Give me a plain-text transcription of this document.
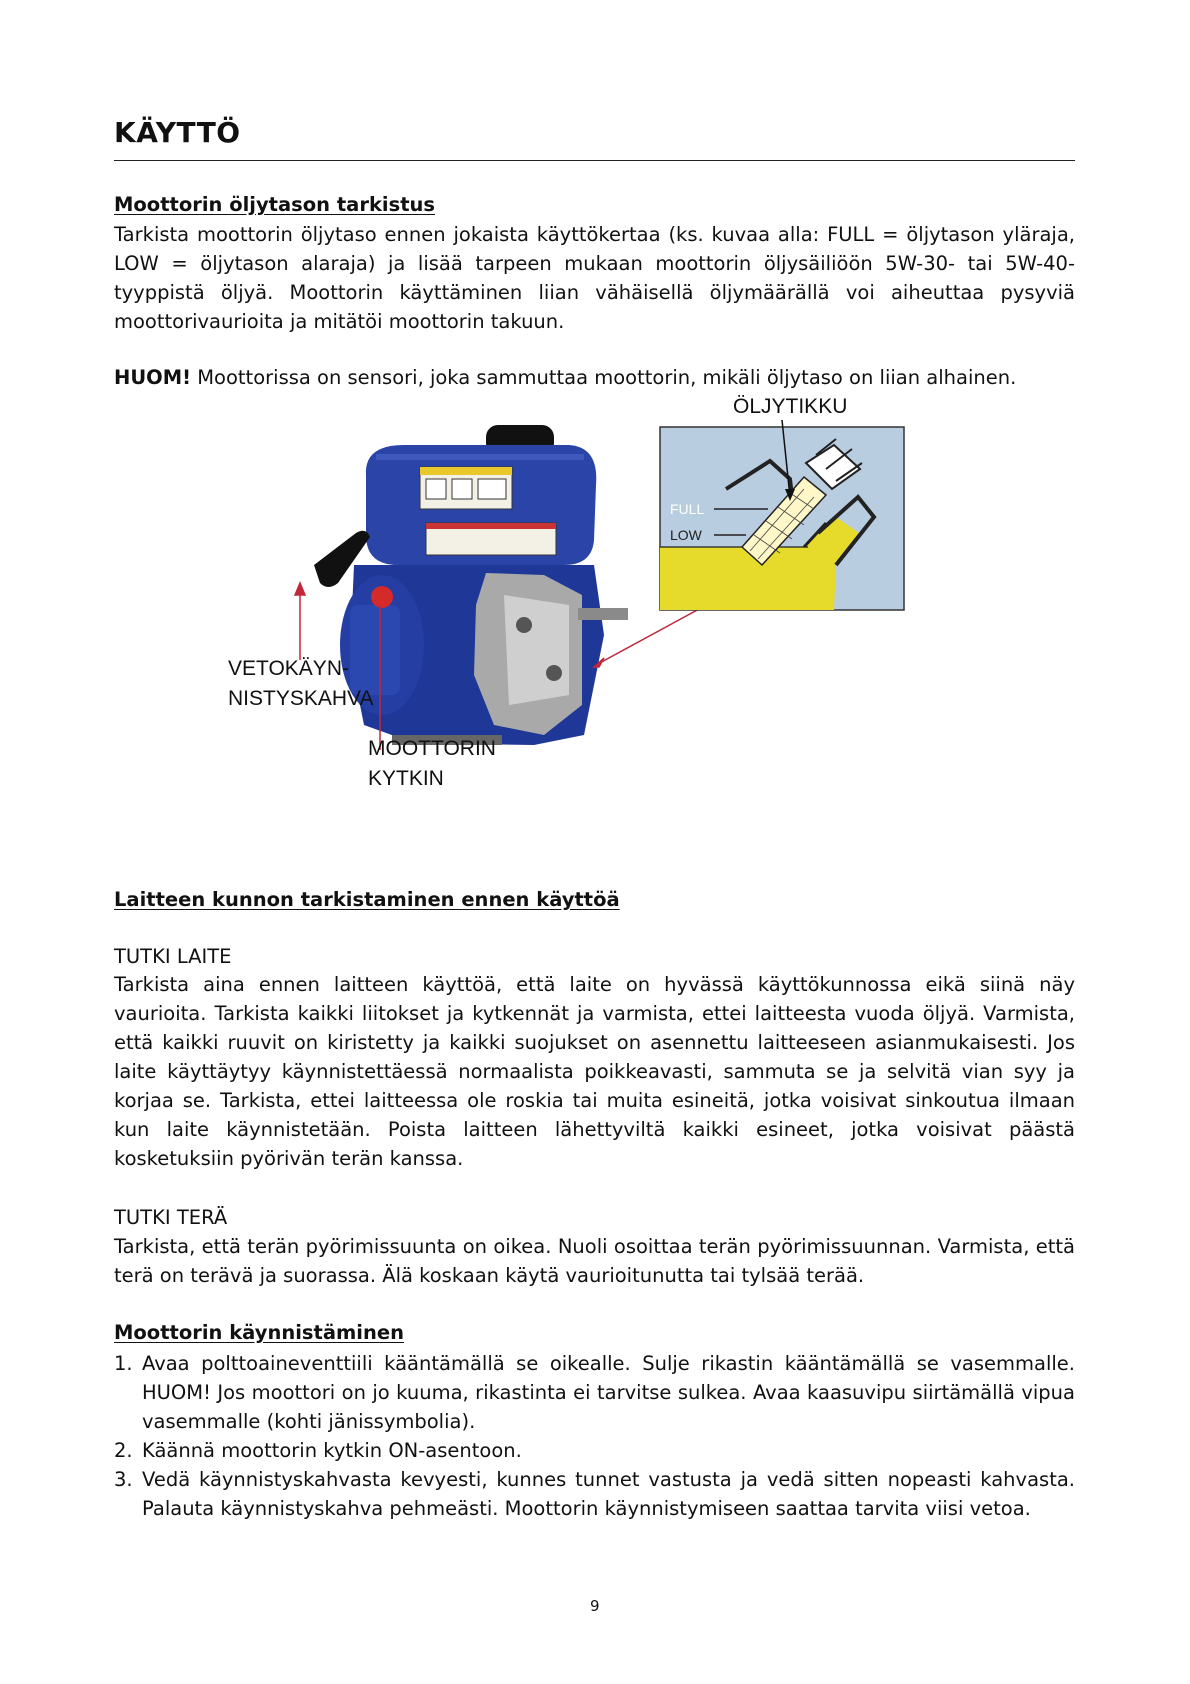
KÄYTTÖ
Moottorin öljytason tarkistus
Tarkista moottorin öljytaso ennen jokaista käyttökertaa (ks. kuvaa alla: FULL = öljytason yläraja, LOW = öljytason alaraja) ja lisää tarpeen mukaan moottorin öljysäiliöön 5W-30- tai 5W-40-tyyppistä öljyä. Moottorin käyttäminen liian vähäisellä öljymäärällä voi aiheuttaa pysyviä moottorivaurioita ja mitätöi moottorin takuun.
HUOM! Moottorissa on sensori, joka sammuttaa moottorin, mikäli öljytaso on liian alhainen.
FULL
LOW
ÖLJYTIKKU
VETOKÄYN-
NISTYSKAHVA
MOOTTORIN
KYTKIN
Laitteen kunnon tarkistaminen ennen käyttöä
TUTKI LAITE
Tarkista aina ennen laitteen käyttöä, että laite on hyvässä käyttökunnossa eikä siinä näy vaurioita. Tarkista kaikki liitokset ja kytkennät ja varmista, ettei laitteesta vuoda öljyä. Varmista, että kaikki ruuvit on kiristetty ja kaikki suojukset on asennettu laitteeseen asianmukaisesti. Jos laite käyttäytyy käynnistettäessä normaalista poikkeavasti, sammuta se ja selvitä vian syy ja korjaa se. Tarkista, ettei laitteessa ole roskia tai muita esineitä, jotka voisivat sinkoutua ilmaan kun laite käynnistetään. Poista laitteen lähettyviltä kaikki esineet, jotka voisivat päästä kosketuksiin pyörivän terän kanssa.
TUTKI TERÄ
Tarkista, että terän pyörimissuunta on oikea. Nuoli osoittaa terän pyörimissuunnan. Varmista, että terä on terävä ja suorassa. Älä koskaan käytä vaurioitunutta tai tylsää terää.
Moottorin käynnistäminen
1. Avaa polttoaineventtiili kääntämällä se oikealle. Sulje rikastin kääntämällä se vasemmalle. HUOM! Jos moottori on jo kuuma, rikastinta ei tarvitse sulkea. Avaa kaasuvipu siirtämällä vipua vasemmalle (kohti jänissymbolia).
2. Käännä moottorin kytkin ON-asentoon.
3. Vedä käynnistyskahvasta kevyesti, kunnes tunnet vastusta ja vedä sitten nopeasti kahvasta. Palauta käynnistyskahva pehmeästi. Moottorin käynnistymiseen saattaa tarvita viisi vetoa.
9
